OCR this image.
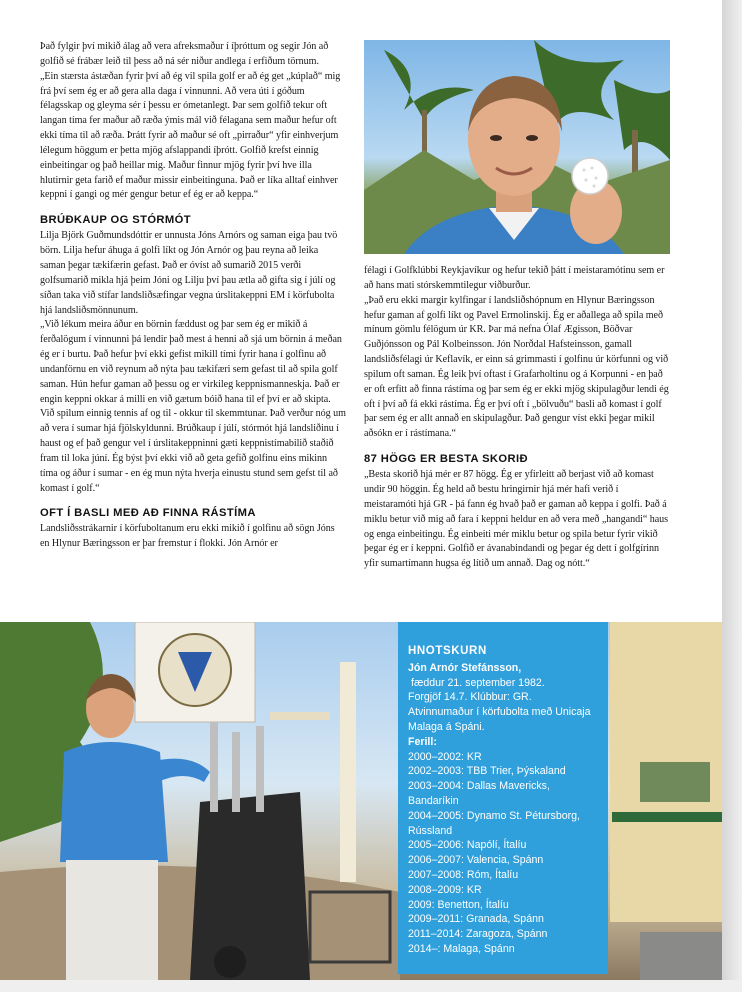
Það fylgir því mikið álag að vera afreksmaður í íþróttum og segir Jón að golfið sé frábær leið til þess að ná sér niður andlega í erfiðum törnum.

„Ein stærsta ástæðan fyrir því að ég vil spila golf er að ég get „kúplað“ mig frá því sem ég er að gera alla daga í vinnunni. Að vera úti í góðum félagsskap og gleyma sér í þessu er ómetanlegt. Þar sem golfið tekur oft langan tíma fer maður að ræða ýmis mál við félagana sem maður hefur oft ekki tíma til að ræða. Þrátt fyrir að maður sé oft „pirraður“ yfir einhverjum lélegum höggum er þetta mjög afslappandi íþrótt. Golfið krefst einnig einbeitingar og það heillar mig. Maður finnur mjög fyrir því hve illa hlutirnir geta farið ef maður missir einbeitinguna. Það er líka alltaf einhver keppni í gangi og mér gengur betur ef ég er að keppa.“

BRÚÐKAUP OG STÓRMÓT

Lilja Björk Guðmundsdóttir er unnusta Jóns Arnórs og saman eiga þau tvö börn. Lilja hefur áhuga á golfi líkt og Jón Arnór og þau reyna að leika saman þegar tækifærin gefast. Það er óvíst að sumarið 2015 verði golfsumarið mikla hjá þeim Jóni og Lilju því þau ætla að gifta sig í júlí og síðan taka við stífar landsliðsæfingar vegna úrslitakeppni EM í körfubolta hjá landsliðsmönnunum.

„Við lékum meira áður en börnin fæddust og þar sem ég er mikið á ferðalögum í vinnunni þá lendir það mest á henni að sjá um börnin á meðan ég er í burtu. Það hefur því ekki gefist mikill tími fyrir hana í golfinu að undanförnu en við reynum að nýta þau tækifæri sem gefast til að spila golf saman. Hún hefur gaman að þessu og er virkileg keppnismanneskja. Það er engin keppni okkar á milli en við gætum bóið hana til ef því er að skipta. Við spilum einnig tennis af og til - okkur til skemmtunar. Það verður nóg um að vera í sumar hjá fjölskyldunni. Brúðkaup í júlí, stórmót hjá landsliðinu í haust og ef það gengur vel í úrslitakeppninni gæti keppnistímabilið staðið fram til loka júní. Ég býst því ekki við að geta gefið golfinu eins mikinn tíma og áður í sumar - en ég mun nýta hverja einustu stund sem gefst til að komast í golf.“

OFT Í BASLI MEÐ AÐ FINNA RÁSTÍMA

Landsliðsstrákarnir í körfuboltanum eru ekki mikið í golfinu að sögn Jóns en Hlynur Bæringsson er þar fremstur í flokki. Jón Arnór er

félagi í Golfklúbbi Reykjavíkur og hefur tekið þátt í meistaramótinu sem er að hans mati stórskemmtilegur viðburður.

„Það eru ekki margir kylfingar í landsliðshópnum en Hlynur Bæringsson hefur gaman af golfi líkt og Pavel Ermolinskij. Ég er aðallega að spila með mínum gömlu félögum úr KR. Þar má nefna Ólaf Ægisson, Böðvar Guðjónsson og Pál Kolbeinsson. Jón Norðdal Hafsteinsson, gamall landsliðsfélagi úr Keflavík, er einn sá grimmasti í golfinu úr körfunni og við spilum oft saman. Ég leik því oftast í Grafarholtinu og á Korpunni - en það er oft erfitt að finna rástíma og þar sem ég er ekki mjög skipulagður lendi ég oft í því að fá ekki rástíma. Ég er því oft í „bölvuðu“ basli að komast í golf þar sem ég er allt annað en skipulagður. Það gengur víst ekki þegar mikil aðsókn er í rástímana.“

87 HÖGG ER BESTA SKORIÐ

„Besta skorið hjá mér er 87 högg. Ég er yfirleitt að berjast við að komast undir 90 höggin. Ég held að bestu hringirnir hjá mér hafi verið í meistaramóti hjá GR - þá fann ég hvað það er gaman að keppa í golfi. Það á miklu betur við mig að fara í keppni heldur en að vera með „hangandi“ haus og enga einbeitingu. Ég einbeiti mér miklu betur og spila betur fyrir vikið þegar ég er í keppni. Golfið er ávanabindandi og þegar ég dett í golfgírinn yfir sumartímann hugsa ég lítið um annað. Dag og nótt.“

HNOTSKURN
Jón Arnór Stefánsson,
fæddur 21. september 1982.
Forgjöf 14.7. Klúbbur: GR. Atvinnumaður í körfubolta með Unicaja Malaga á Spáni.
Ferill:
2000–2002: KR
2002–2003: TBB Trier, Þýskaland
2003–2004: Dallas Mavericks, Bandaríkin
2004–2005: Dynamo St. Pétursborg, Rússland
2005–2006: Napólí, Ítalíu
2006–2007: Valencia, Spánn
2007–2008: Róm, Ítalíu
2008–2009: KR
2009: Benetton, Ítalíu
2009–2011: Granada, Spánn
2011–2014: Zaragoza, Spánn
2014–: Malaga, Spánn
